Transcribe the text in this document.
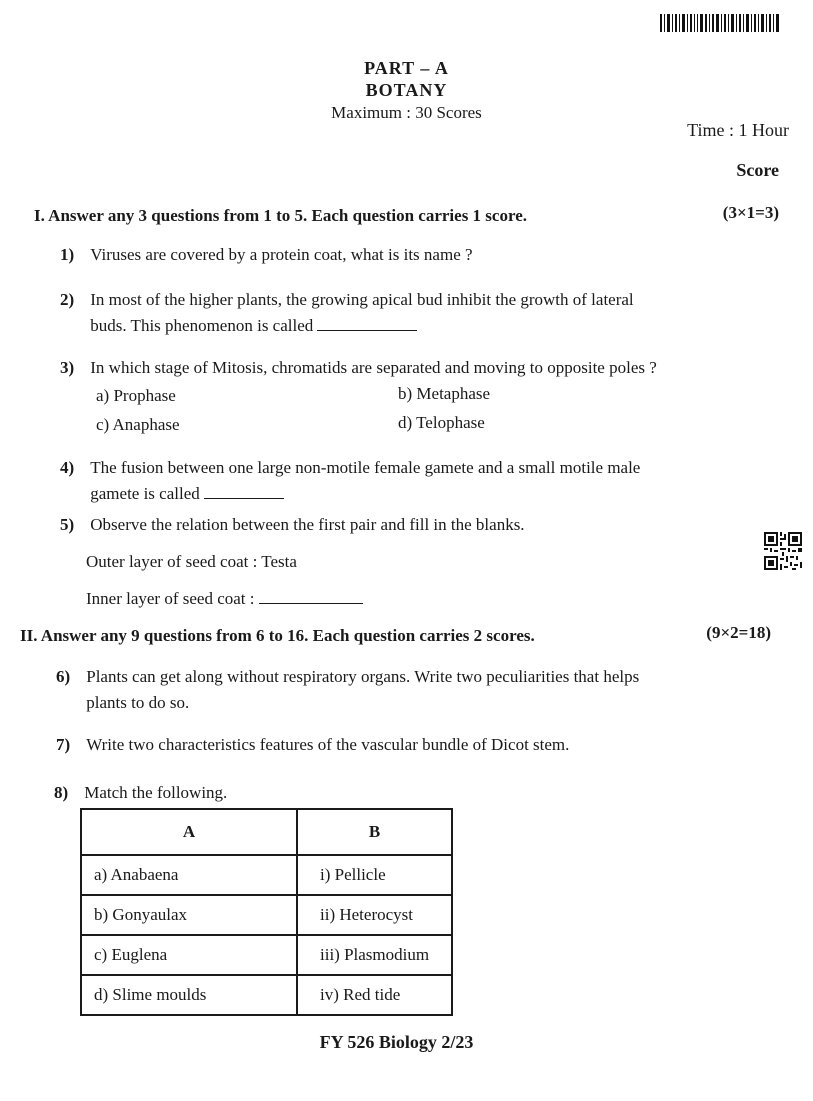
PART – A
BOTANY
Maximum : 30 Scores
Time : 1 Hour
Score
I. Answer any 3 questions from 1 to 5. Each question carries 1 score.	(3×1=3)
1) Viruses are covered by a protein coat, what is its name ?
2) In most of the higher plants, the growing apical bud inhibit the growth of lateral
buds. This phenomenon is called
3) In which stage of Mitosis, chromatids are separated and moving to opposite poles ?
a) Prophase	b) Metaphase
c) Anaphase	d) Telophase
4) The fusion between one large non-motile female gamete and a small motile male
gamete is called
5) Observe the relation between the first pair and fill in the blanks.
Outer layer of seed coat : Testa
Inner layer of seed coat :
II. Answer any 9 questions from 6 to 16. Each question carries 2 scores.	(9×2=18)
6) Plants can get along without respiratory organs. Write two peculiarities that helps
plants to do so.
7) Write two characteristics features of the vascular bundle of Dicot stem.
8) Match the following.
A	B
a) Anabaena	i) Pellicle
b) Gonyaulax	ii) Heterocyst
c) Euglena	iii) Plasmodium
d) Slime moulds	iv) Red tide
FY 526 Biology 2/23
